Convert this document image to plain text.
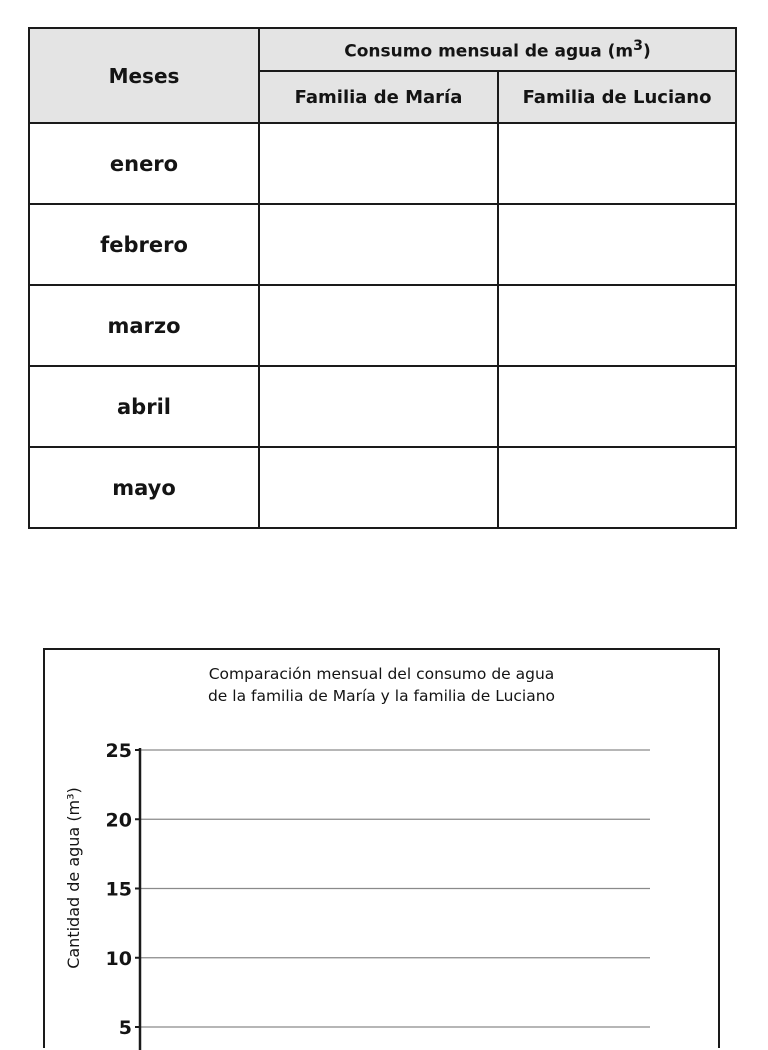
Meses	Consumo mensual de agua $(m^3)$	
	Familia de María	Familia de Luciano
enero		
febrero		
marzo		
abril		
mayo		
Comparación mensual del consumo de agua
de la familia de María y la familia de Luciano
5
10
15
20
25
Cantidad de agua (m³)
